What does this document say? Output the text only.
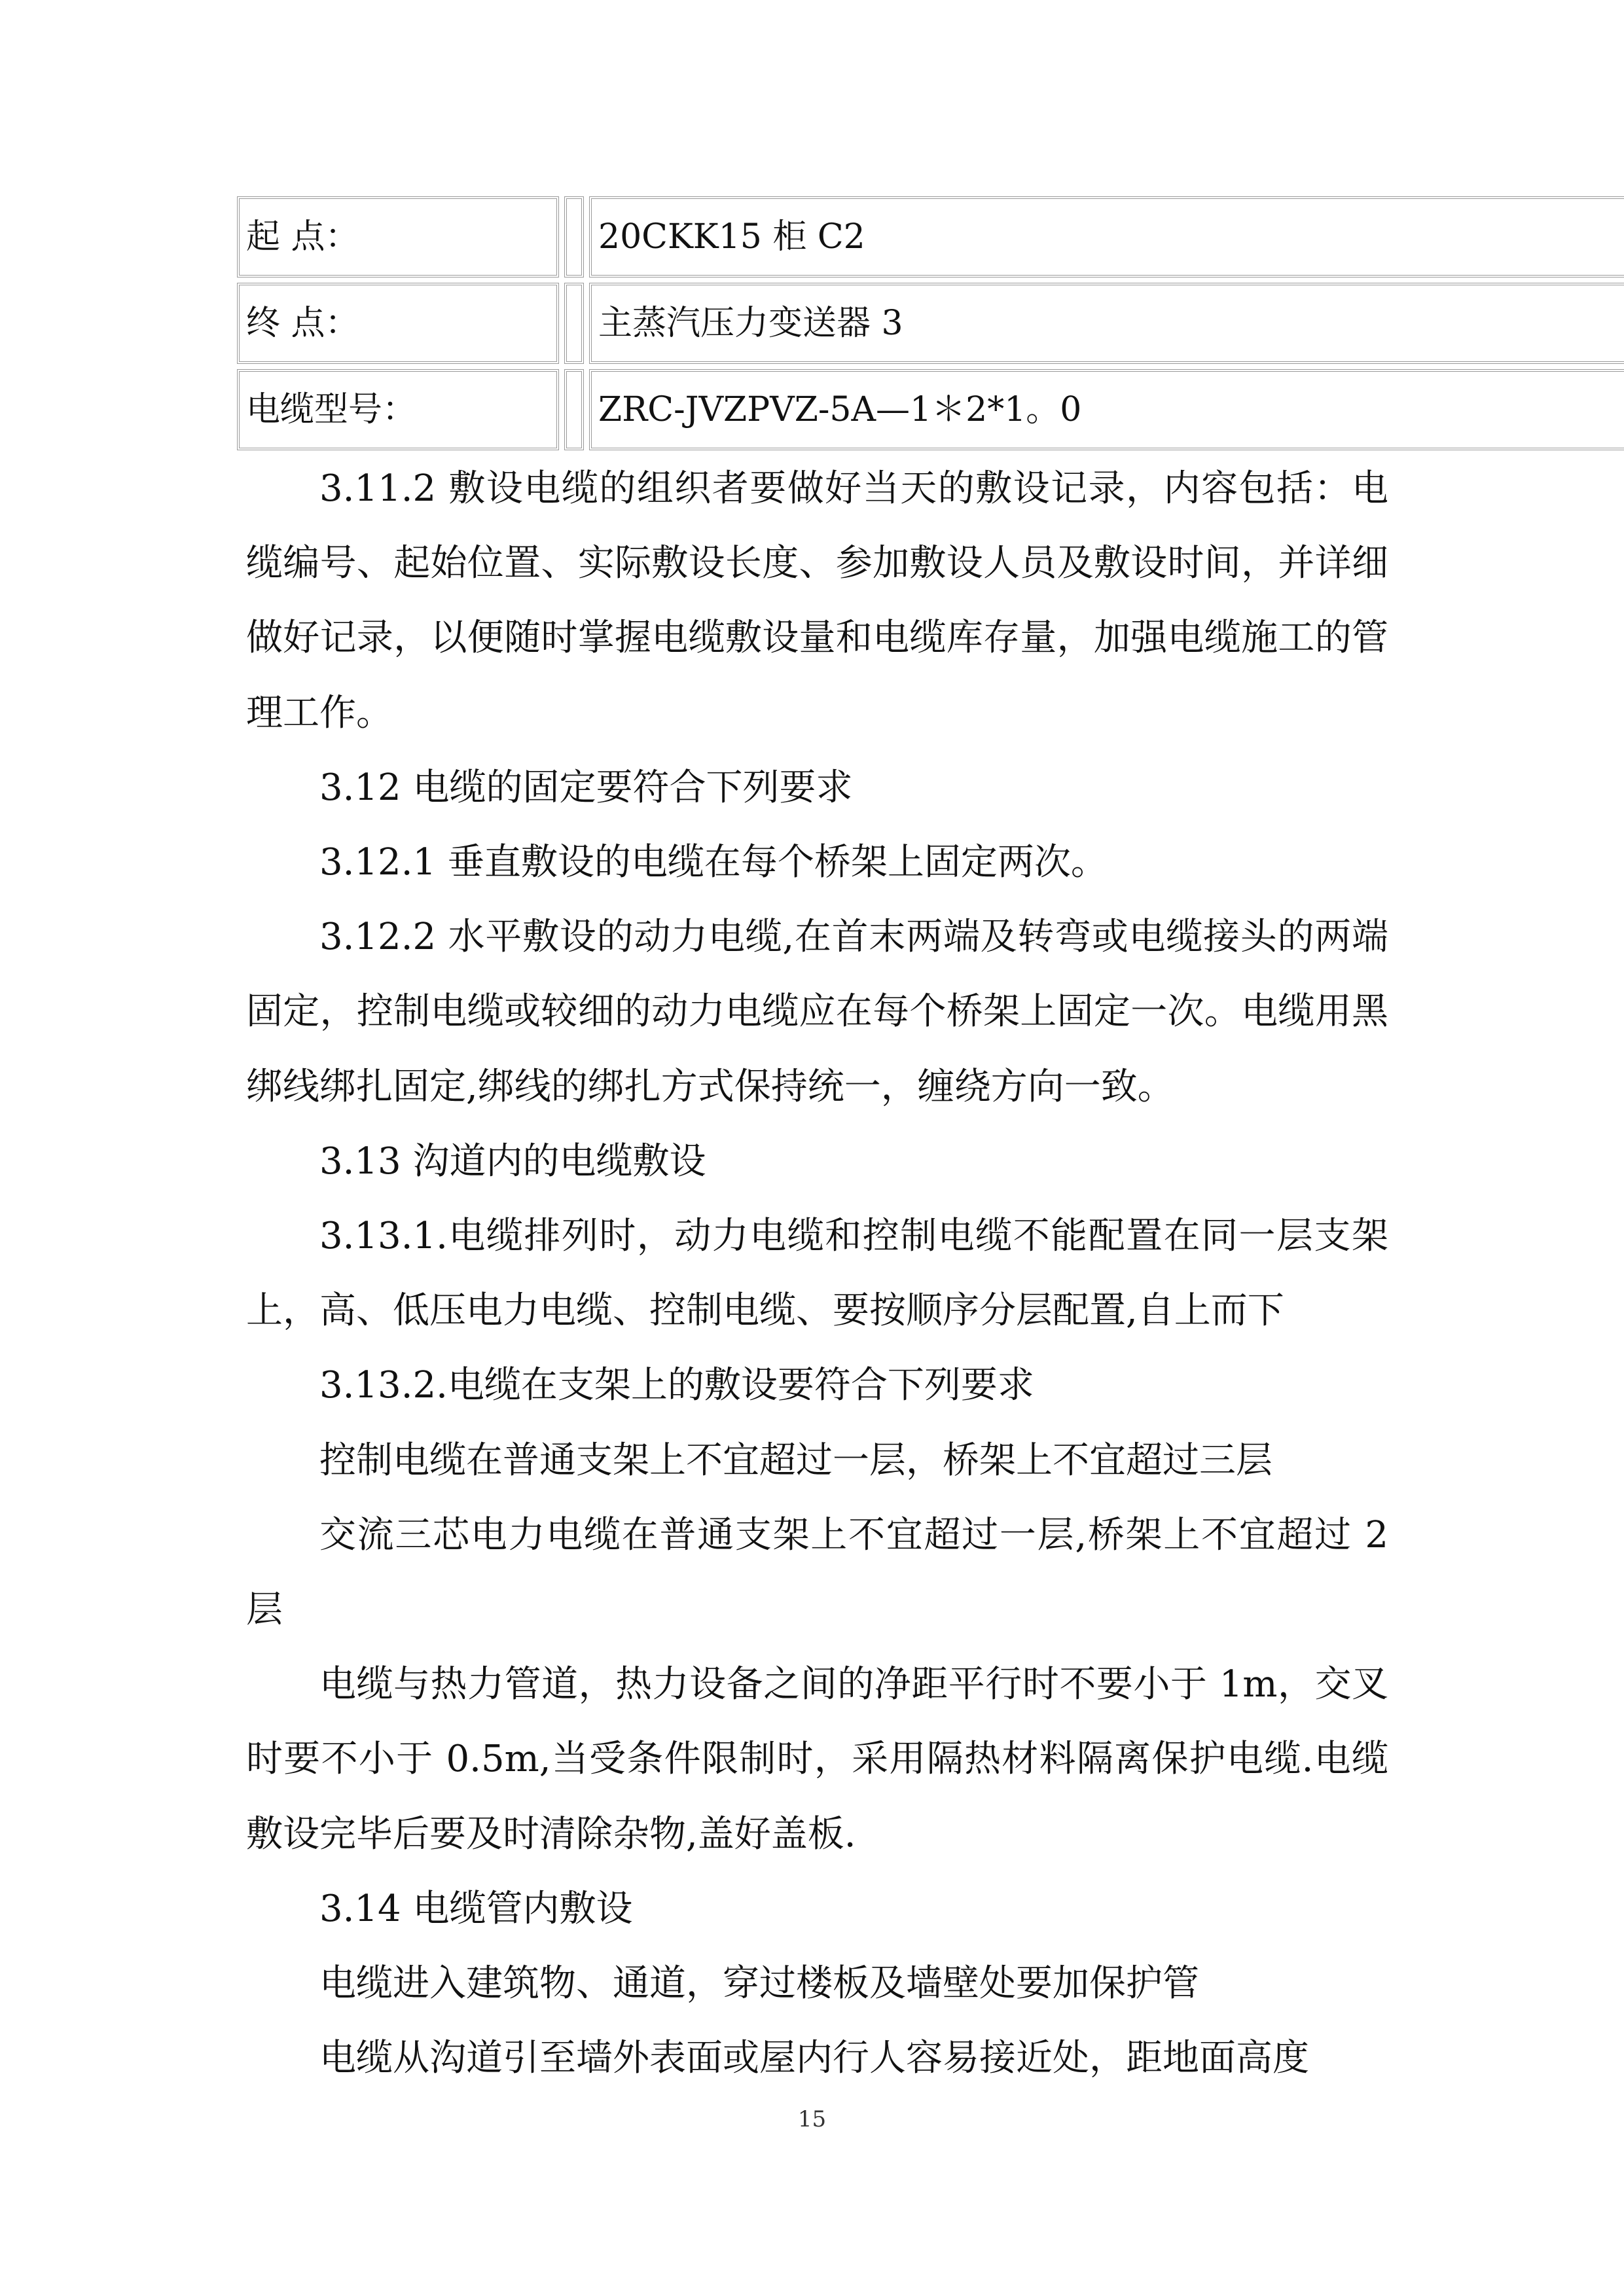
起 点：	20CKK15 柜 C2
终 点：	主蒸汽压力变送器 3
电缆型号：	ZRC-JVZPVZ-5A—1＊2*1。0

3.11.2 敷设电缆的组织者要做好当天的敷设记录，内容包括：电缆编号、起始位置、实际敷设长度、参加敷设人员及敷设时间，并详细做好记录，以便随时掌握电缆敷设量和电缆库存量，加强电缆施工的管理工作。

3.12 电缆的固定要符合下列要求

3.12.1 垂直敷设的电缆在每个桥架上固定两次。

3.12.2 水平敷设的动力电缆,在首末两端及转弯或电缆接头的两端固定，控制电缆或较细的动力电缆应在每个桥架上固定一次。电缆用黑绑线绑扎固定,绑线的绑扎方式保持统一，缠绕方向一致。

3.13 沟道内的电缆敷设

3.13.1.电缆排列时，动力电缆和控制电缆不能配置在同一层支架上，高、低压电力电缆、控制电缆、要按顺序分层配置,自上而下

3.13.2.电缆在支架上的敷设要符合下列要求

控制电缆在普通支架上不宜超过一层，桥架上不宜超过三层

交流三芯电力电缆在普通支架上不宜超过一层,桥架上不宜超过 2 层

电缆与热力管道，热力设备之间的净距平行时不要小于 1m，交叉时要不小于 0.5m,当受条件限制时，采用隔热材料隔离保护电缆.电缆敷设完毕后要及时清除杂物,盖好盖板.

3.14 电缆管内敷设

电缆进入建筑物、通道，穿过楼板及墙壁处要加保护管

电缆从沟道引至墙外表面或屋内行人容易接近处，距地面高度

15
